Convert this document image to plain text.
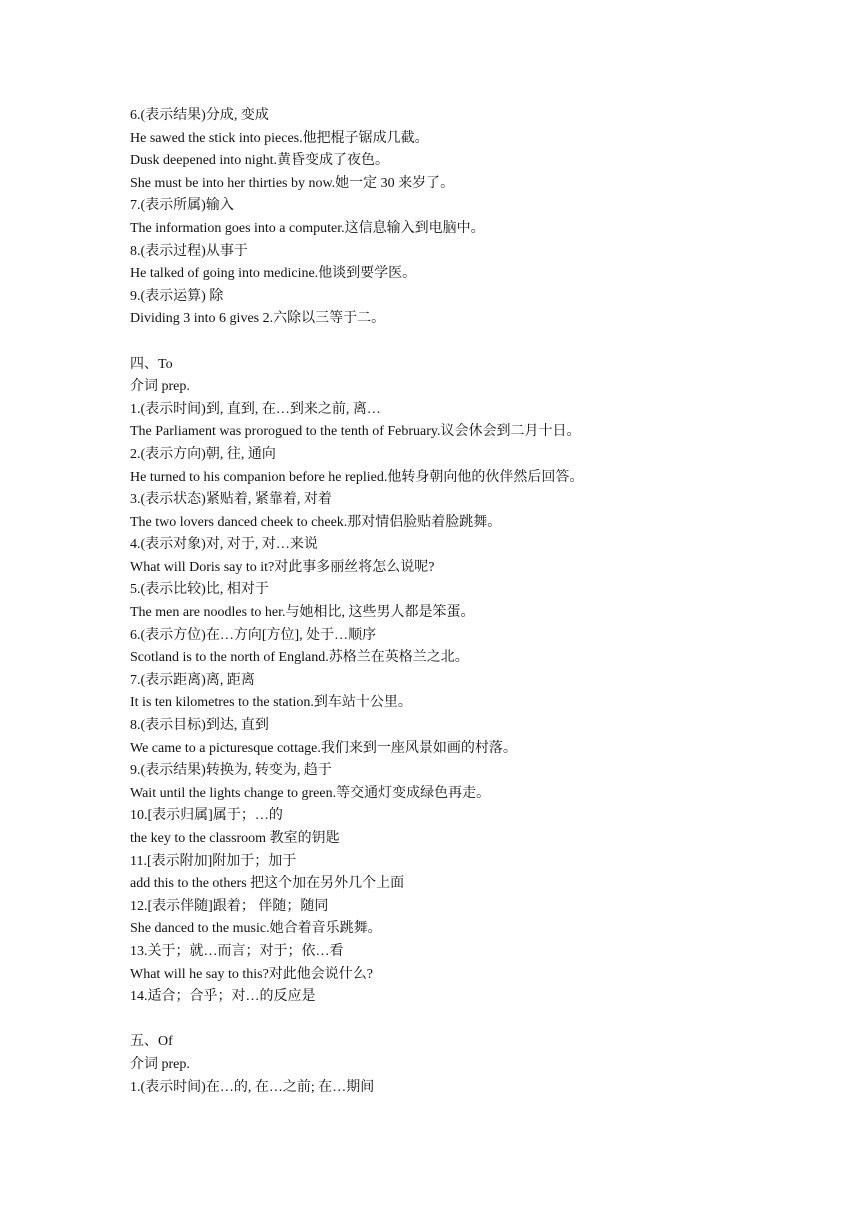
6.(表示结果)分成, 变成
He sawed the stick into pieces.他把棍子锯成几截。
Dusk deepened into night.黄昏变成了夜色。
She must be into her thirties by now.她一定 30 来岁了。
7.(表示所属)输入
The information goes into a computer.这信息输入到电脑中。
8.(表示过程)从事于
He talked of going into medicine.他谈到要学医。
9.(表示运算) 除
Dividing 3 into 6 gives 2.六除以三等于二。
四、To
介词 prep.
1.(表示时间)到, 直到, 在…到来之前, 离…
The Parliament was prorogued to the tenth of February.议会休会到二月十日。
2.(表示方向)朝, 往, 通向
He turned to his companion before he replied.他转身朝向他的伙伴然后回答。
3.(表示状态)紧贴着, 紧靠着, 对着
The two lovers danced cheek to cheek.那对情侣脸贴着脸跳舞。
4.(表示对象)对, 对于, 对…来说
What will Doris say to it?对此事多丽丝将怎么说呢?
5.(表示比较)比, 相对于
The men are noodles to her.与她相比, 这些男人都是笨蛋。
6.(表示方位)在…方向[方位], 处于…顺序
Scotland is to the north of England.苏格兰在英格兰之北。
7.(表示距离)离, 距离
It is ten kilometres to the station.到车站十公里。
8.(表示目标)到达, 直到
We came to a picturesque cottage.我们来到一座风景如画的村落。
9.(表示结果)转换为, 转变为, 趋于
Wait until the lights change to green.等交通灯变成绿色再走。
10.[表示归属]属于；…的
the key to the classroom 教室的钥匙
11.[表示附加]附加于；加于
add this to the others 把这个加在另外几个上面
12.[表示伴随]跟着； 伴随；随同
She danced to the music.她合着音乐跳舞。
13.关于；就…而言；对于；依…看
What will he say to this?对此他会说什么?
14.适合；合乎；对…的反应是
五、Of
介词 prep.
1.(表示时间)在…的, 在…之前; 在…期间
